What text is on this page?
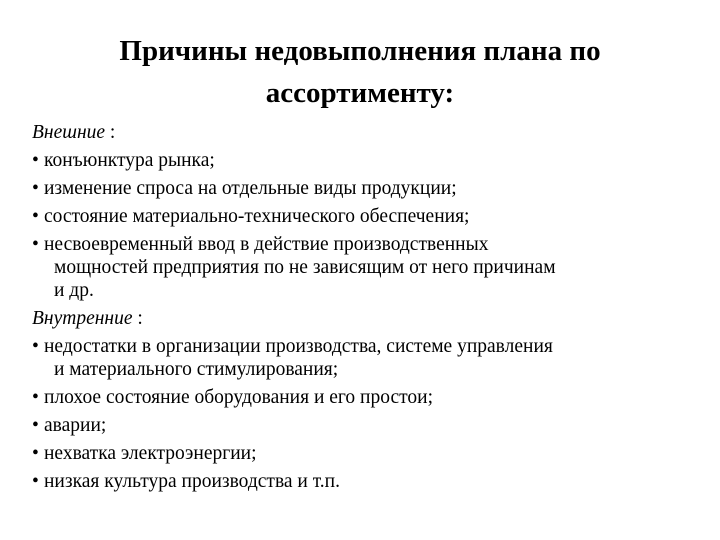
Причины недовыполнения плана по
ассортименту:
Внешние :
• конъюнктура рынка;
• изменение спроса на отдельные виды продукции;
• состояние материально-технического обеспечения;
• несвоевременный ввод в действие производственных
мощностей предприятия по не зависящим от него причинам
и др.
Внутренние :
• недостатки в организации производства, системе управления
и материального стимулирования;
• плохое состояние оборудования и его простои;
• аварии;
• нехватка электроэнергии;
• низкая культура производства и т.п.
